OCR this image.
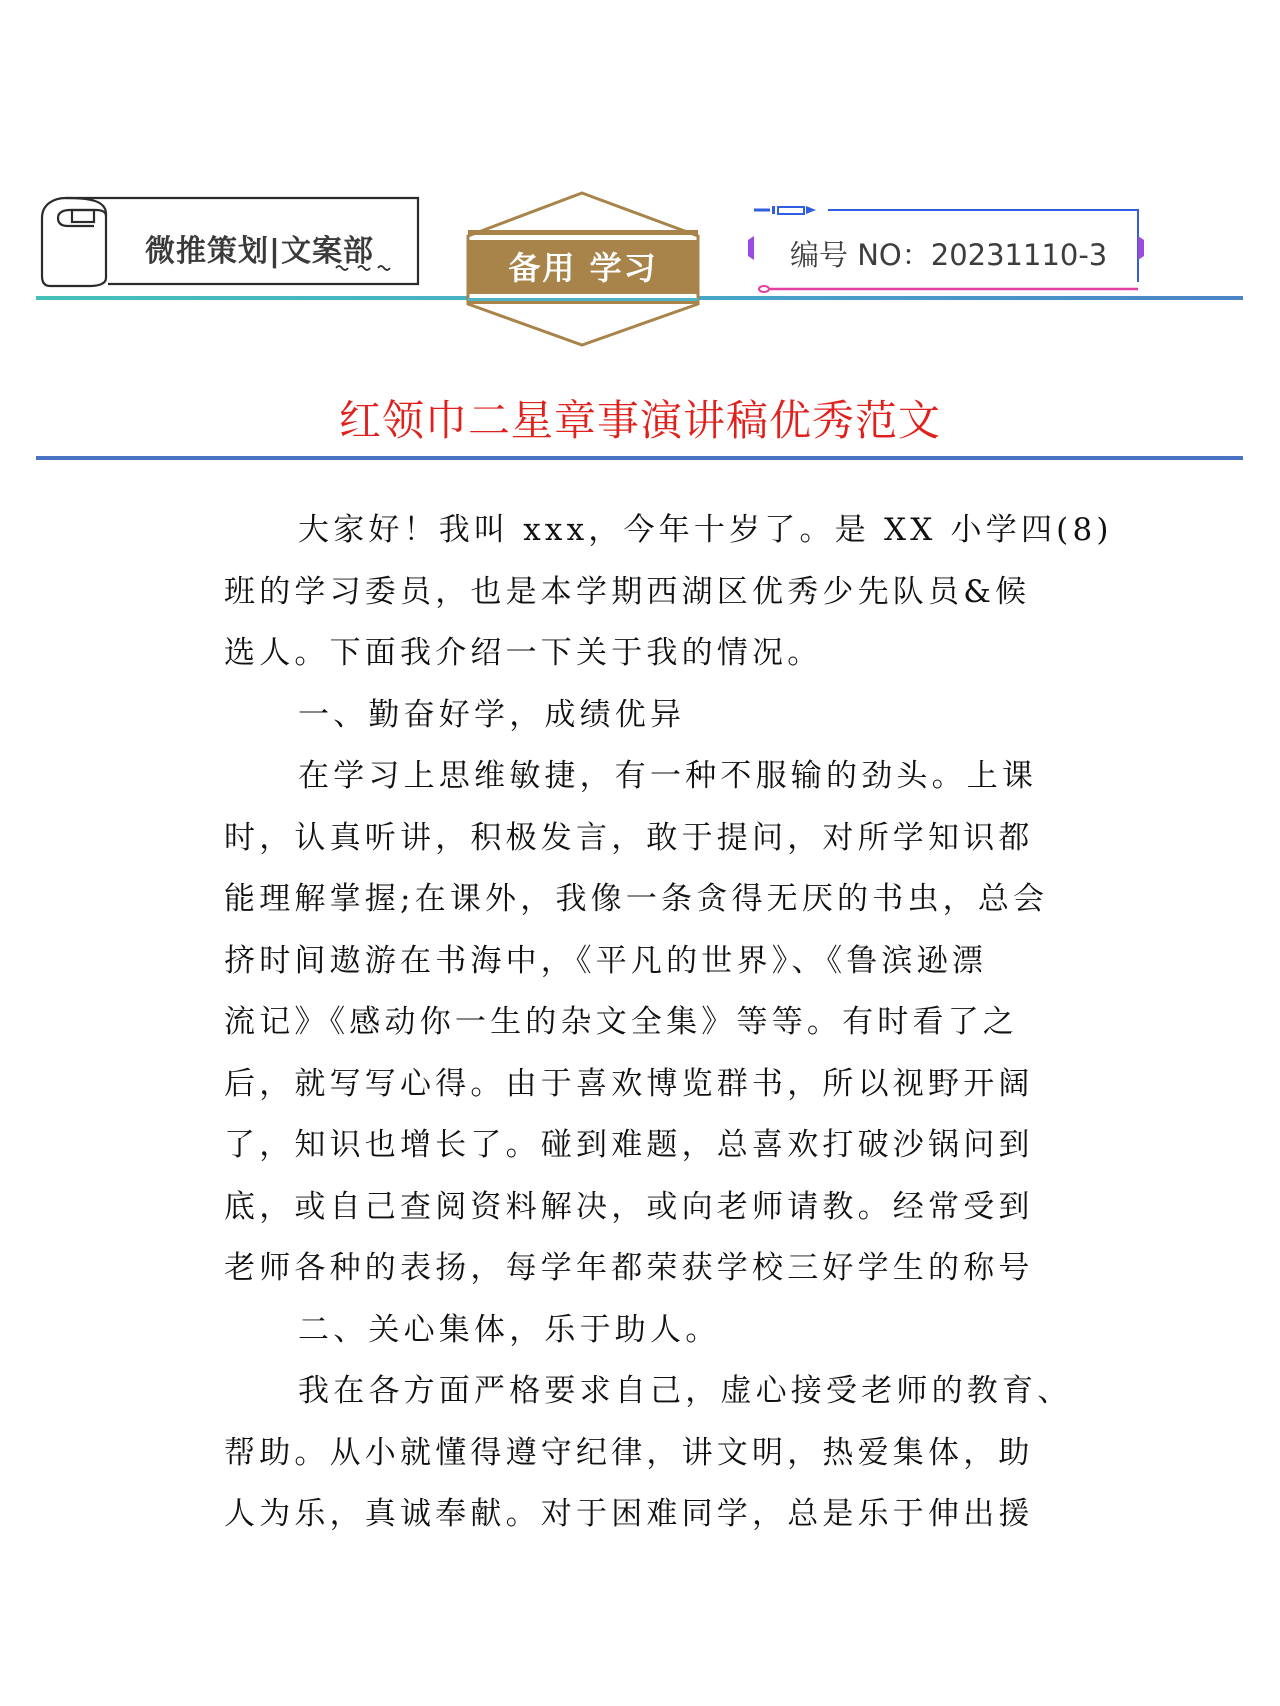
微推策划|文案部	备用 学习	编号 NO：20231110-3
红领巾二星章事演讲稿优秀范文
大家好！我叫 xxx，今年十岁了。是 XX 小学四(8)
班的学习委员，也是本学期西湖区优秀少先队员&候
选人。下面我介绍一下关于我的情况。
一、勤奋好学，成绩优异
在学习上思维敏捷，有一种不服输的劲头。上课
时，认真听讲，积极发言，敢于提问，对所学知识都
能理解掌握;在课外，我像一条贪得无厌的书虫，总会
挤时间遨游在书海中，《平凡的世界》、《鲁滨逊漂
流记》《感动你一生的杂文全集》等等。有时看了之
后，就写写心得。由于喜欢博览群书，所以视野开阔
了，知识也增长了。碰到难题，总喜欢打破沙锅问到
底，或自己查阅资料解决，或向老师请教。经常受到
老师各种的表扬，每学年都荣获学校三好学生的称号
二、关心集体，乐于助人。
我在各方面严格要求自己，虚心接受老师的教育、
帮助。从小就懂得遵守纪律，讲文明，热爱集体，助
人为乐，真诚奉献。对于困难同学，总是乐于伸出援
